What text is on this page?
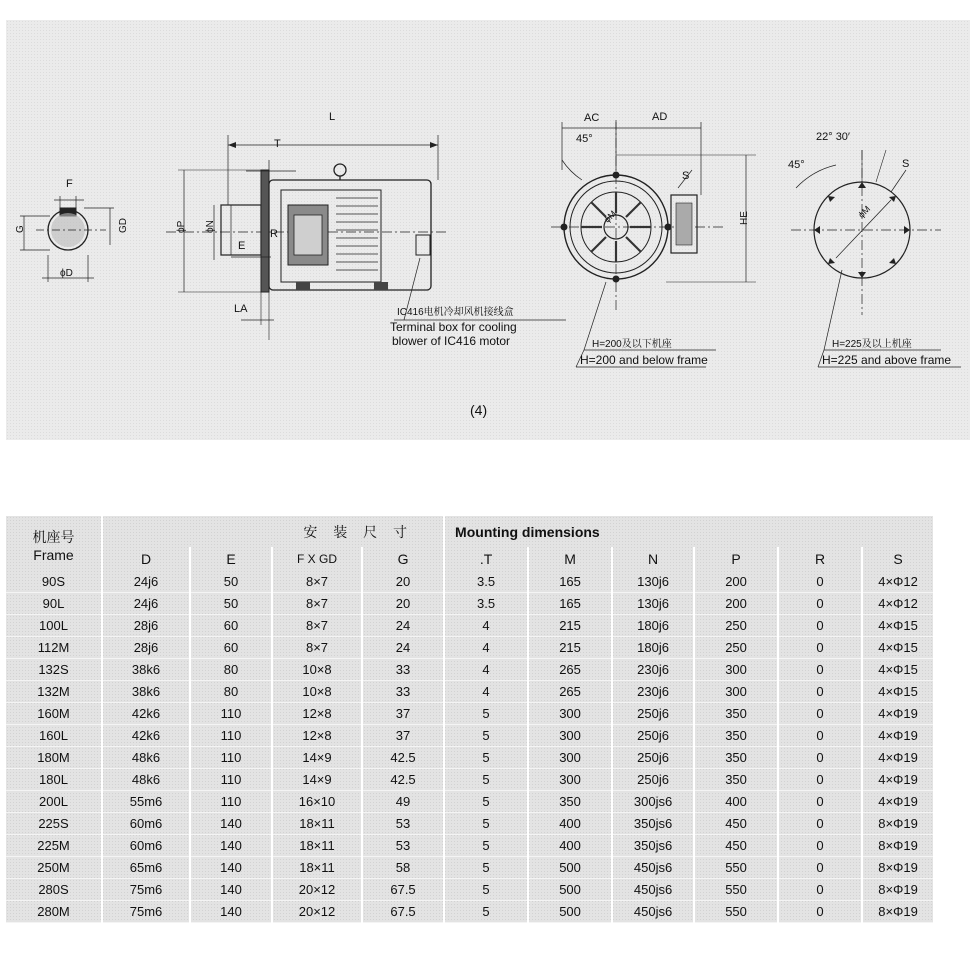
F
G	GD
ϕD
L
T
ϕP ϕN
E
R
LA	IC416电机冷却风机接线盒
Terminal box for cooling
blower of IC416 motor
AC	AD
45°
S
HE
ϕM
H=200及以下机座
H=200 and below frame
22° 30′
45°	S
ϕM
H=225及以上机座
H=225 and above frame
(4)
机座号
Frame	安 装 尺 寸				Mounting dimensions					
	D	E	F X GD	G	.T	M	N	P	R	S
90S	24j6	50	8×7	20	3.5	165	130j6	200	0	4×Φ12
90L	24j6	50	8×7	20	3.5	165	130j6	200	0	4×Φ12
100L	28j6	60	8×7	24	4	215	180j6	250	0	4×Φ15
112M	28j6	60	8×7	24	4	215	180j6	250	0	4×Φ15
132S	38k6	80	10×8	33	4	265	230j6	300	0	4×Φ15
132M	38k6	80	10×8	33	4	265	230j6	300	0	4×Φ15
160M	42k6	110	12×8	37	5	300	250j6	350	0	4×Φ19
160L	42k6	110	12×8	37	5	300	250j6	350	0	4×Φ19
180M	48k6	110	14×9	42.5	5	300	250j6	350	0	4×Φ19
180L	48k6	110	14×9	42.5	5	300	250j6	350	0	4×Φ19
200L	55m6	110	16×10	49	5	350	300js6	400	0	4×Φ19
225S	60m6	140	18×11	53	5	400	350js6	450	0	8×Φ19
225M	60m6	140	18×11	53	5	400	350js6	450	0	8×Φ19
250M	65m6	140	18×11	58	5	500	450js6	550	0	8×Φ19
280S	75m6	140	20×12	67.5	5	500	450js6	550	0	8×Φ19
280M	75m6	140	20×12	67.5	5	500	450js6	550	0	8×Φ19
